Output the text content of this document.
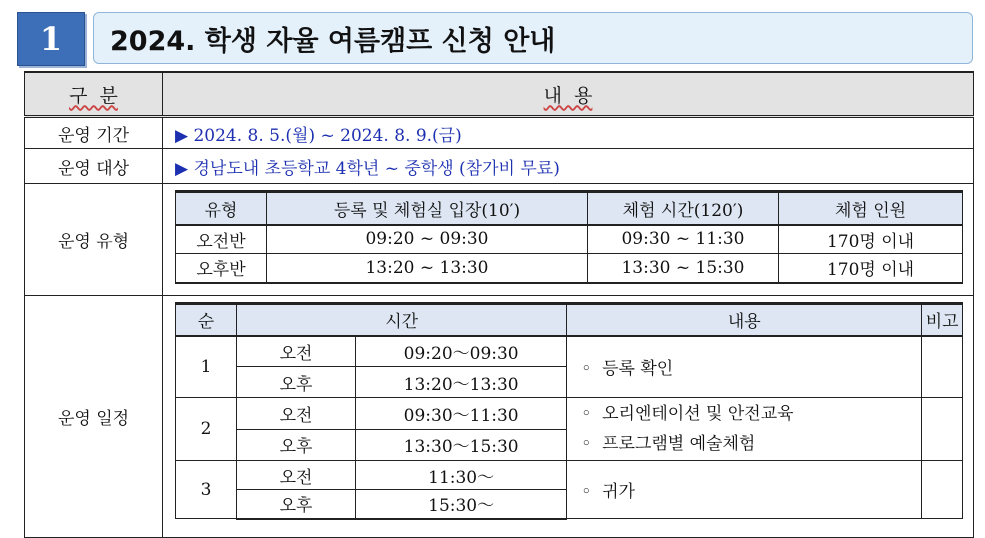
1	2024. 학생 자율 여름캠프 신청 안내
구  분	내  용
운영 기간	▶ 2024. 8. 5.(월) ~ 2024. 8. 9.(금)
운영 대상	▶ 경남도내 초등학교 4학년 ~ 중학생 (참가비 무료)
운영 유형	
유형	등록 및 체험실 입장(10′)	체험 시간(120′)	체험 인원
오전반	09:20 ~ 09:30	09:30 ~ 11:30	170명 이내
오후반	13:20 ~ 13:30	13:30 ~ 15:30	170명 이내

운영 일정	
순	시간	내용	비고
1	오전	09:20～09:30	◦  등록 확인	
오후	13:20～13:30
2	오전	09:30～11:30	◦  오리엔테이션 및 안전교육
◦  프로그램별 예술체험

오후	13:30～15:30
3	오전	11:30～	◦  귀가	
오후	15:30～
